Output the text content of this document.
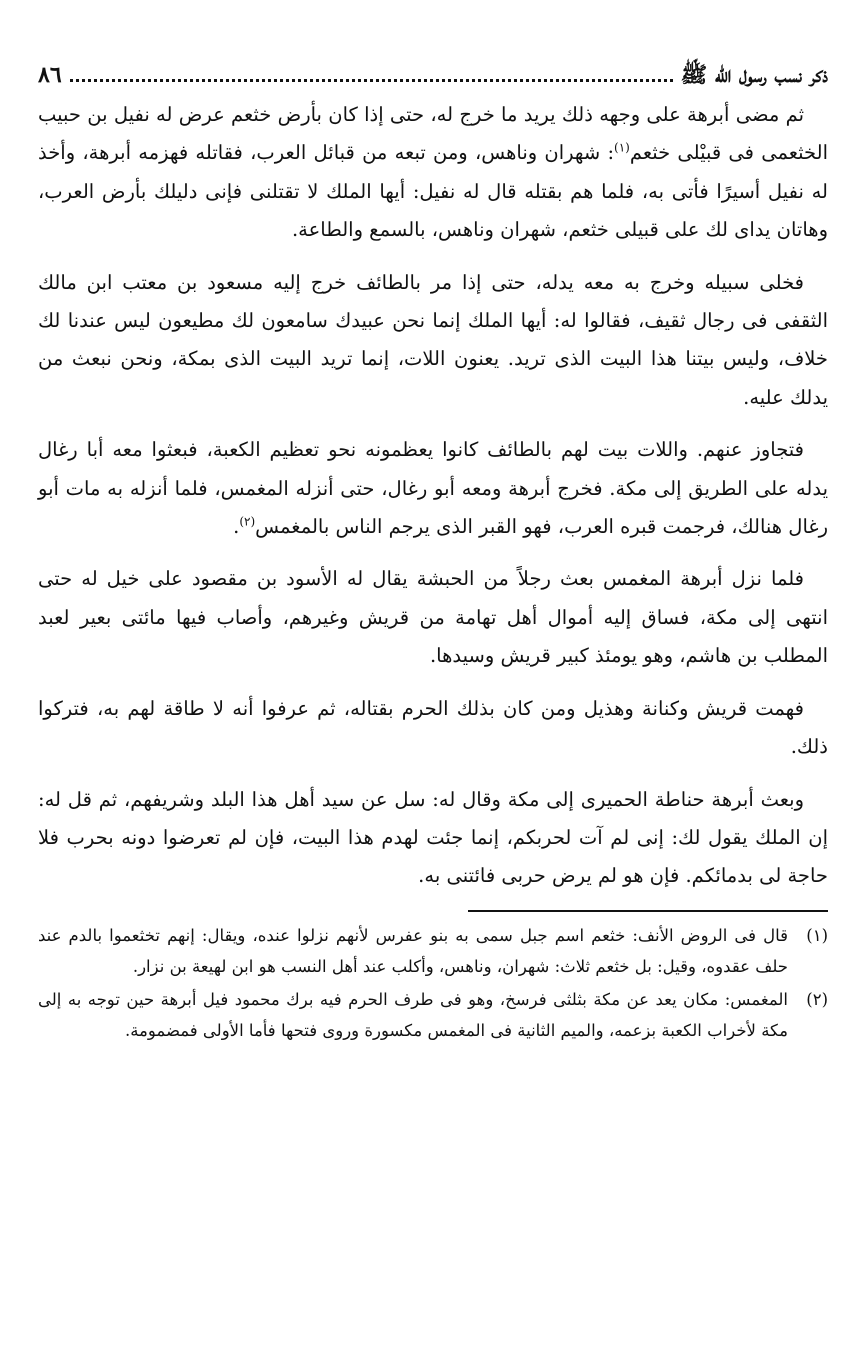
ذكر نسب رسول الله ﷺ
٨٦

ثم مضى أبرهة على وجهه ذلك يريد ما خرج له، حتى إذا كان بأرض خثعم عرض له نفيل بن حبيب الخثعمى فى قبيْلى خثعم$^{(١)}$: شهران وناهس، ومن تبعه من قبائل العرب، فقاتله فهزمه أبرهة، وأخذ له نفيل أسيرًا فأتى به، فلما هم بقتله قال له نفيل: أيها الملك لا تقتلنى فإنى دليلك بأرض العرب، وهاتان يداى لك على قبيلى خثعم، شهران وناهس، بالسمع والطاعة.

فخلى سبيله وخرج به معه يدله، حتى إذا مر بالطائف خرج إليه مسعود بن معتب ابن مالك الثقفى فى رجال ثقيف، فقالوا له: أيها الملك إنما نحن عبيدك سامعون لك مطيعون ليس عندنا لك خلاف، وليس بيتنا هذا البيت الذى تريد. يعنون اللات، إنما تريد البيت الذى بمكة، ونحن نبعث من يدلك عليه.

فتجاوز عنهم. واللات بيت لهم بالطائف كانوا يعظمونه نحو تعظيم الكعبة، فبعثوا معه أبا رغال يدله على الطريق إلى مكة. فخرج أبرهة ومعه أبو رغال، حتى أنزله المغمس، فلما أنزله به مات أبو رغال هنالك، فرجمت قبره العرب، فهو القبر الذى يرجم الناس بالمغمس$^{(٢)}$.

فلما نزل أبرهة المغمس بعث رجلاً من الحبشة يقال له الأسود بن مقصود على خيل له حتى انتهى إلى مكة، فساق إليه أموال أهل تهامة من قريش وغيرهم، وأصاب فيها مائتى بعير لعبد المطلب بن هاشم، وهو يومئذ كبير قريش وسيدها.

فهمت قريش وكنانة وهذيل ومن كان بذلك الحرم بقتاله، ثم عرفوا أنه لا طاقة لهم به، فتركوا ذلك.

وبعث أبرهة حناطة الحميرى إلى مكة وقال له: سل عن سيد أهل هذا البلد وشريفهم، ثم قل له: إن الملك يقول لك: إنى لم آت لحربكم، إنما جئت لهدم هذا البيت، فإن لم تعرضوا دونه بحرب فلا حاجة لى بدمائكم. فإن هو لم يرض حربى فائتنى به.

(١)
قال فى الروض الأنف: خثعم اسم جبل سمى به بنو عفرس لأنهم نزلوا عنده، ويقال: إنهم تخثعموا بالدم عند حلف عقدوه، وقيل: بل خثعم ثلاث: شهران، وناهس، وأكلب عند أهل النسب هو ابن لهيعة بن نزار.
(٢)
المغمس: مكان يعد عن مكة بثلثى فرسخ، وهو فى طرف الحرم فيه برك محمود فيل أبرهة حين توجه به إلى مكة لأخراب الكعبة بزعمه، والميم الثانية فى المغمس مكسورة وروى فتحها فأما الأولى فمضمومة.
